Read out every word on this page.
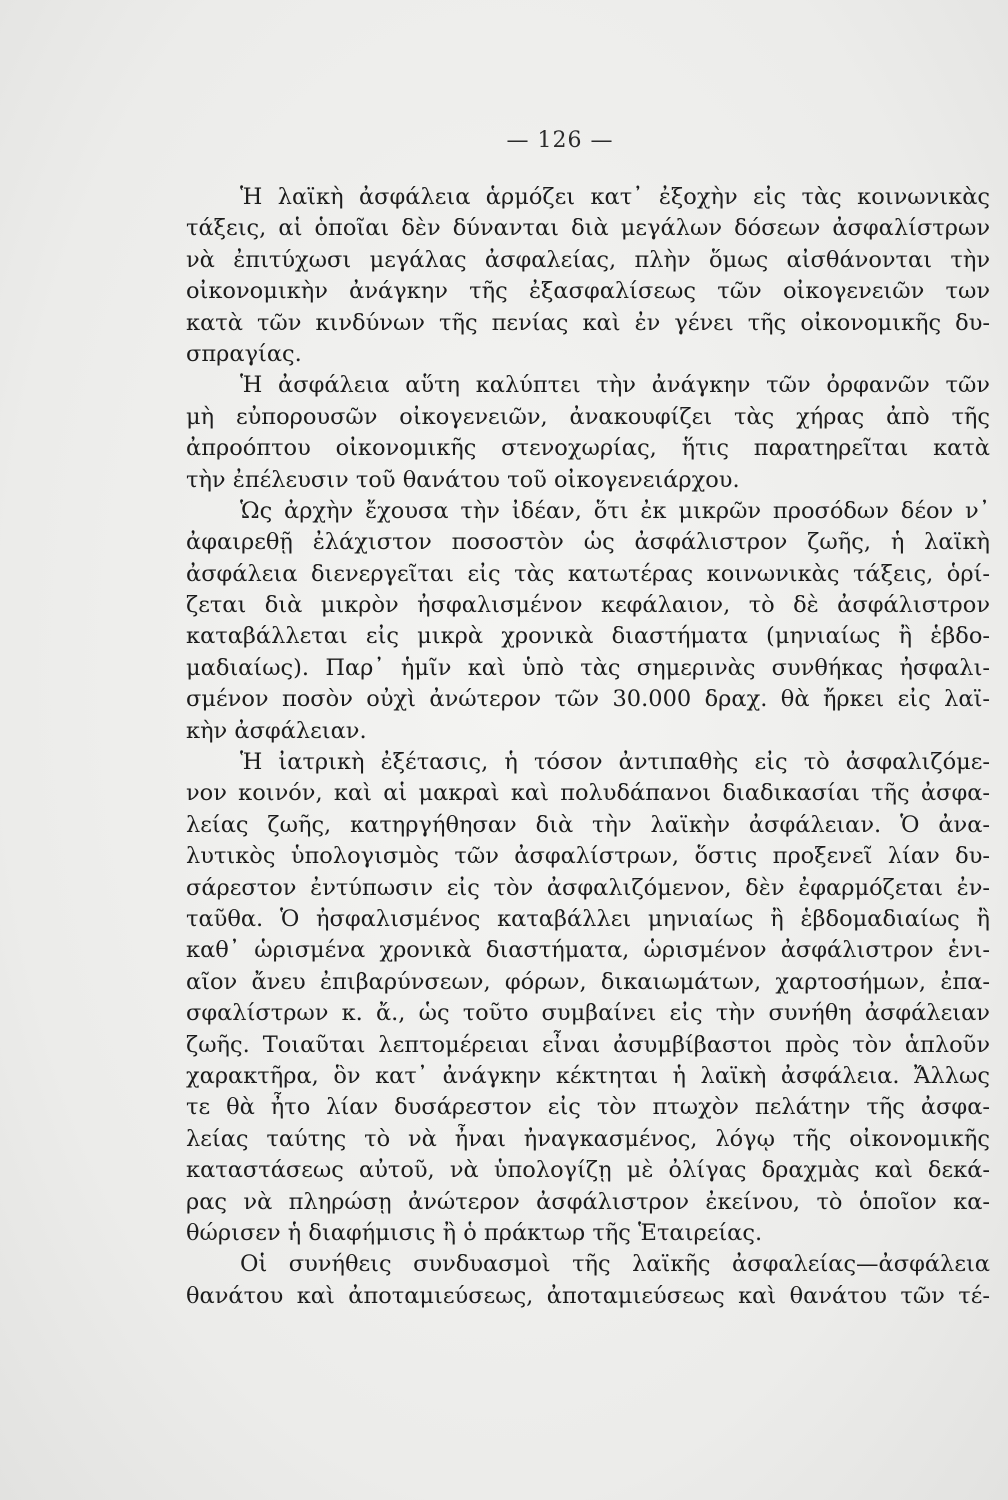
— 126 —
Ἡ λαϊκὴ ἀσφάλεια ἁρμόζει κατ᾽ ἐξοχὴν εἰς τὰς κοινωνικὰς
τάξεις, αἱ ὁποῖαι δὲν δύνανται διὰ μεγάλων δόσεων ἀσφαλίστρων
νὰ ἐπιτύχωσι μεγάλας ἀσφαλείας, πλὴν ὅμως αἰσθάνονται τὴν
οἰκονομικὴν ἀνάγκην τῆς ἐξασφαλίσεως τῶν οἰκογενειῶν των
κατὰ τῶν κινδύνων τῆς πενίας καὶ ἐν γένει τῆς οἰκονομικῆς δυ-
σπραγίας.
Ἡ ἀσφάλεια αὕτη καλύπτει τὴν ἀνάγκην τῶν ὀρφανῶν τῶν
μὴ εὐπορουσῶν οἰκογενειῶν, ἀνακουφίζει τὰς χήρας ἀπὸ τῆς
ἀπροόπτου οἰκονομικῆς στενοχωρίας, ἥτις παρατηρεῖται κατὰ
τὴν ἐπέλευσιν τοῦ θανάτου τοῦ οἰκογενειάρχου.
Ὡς ἀρχὴν ἔχουσα τὴν ἰδέαν, ὅτι ἐκ μικρῶν προσόδων δέον ν᾽
ἀφαιρεθῇ ἐλάχιστον ποσοστὸν ὡς ἀσφάλιστρον ζωῆς, ἡ λαϊκὴ
ἀσφάλεια διενεργεῖται εἰς τὰς κατωτέρας κοινωνικὰς τάξεις, ὁρί-
ζεται διὰ μικρὸν ἠσφαλισμένον κεφάλαιον, τὸ δὲ ἀσφάλιστρον
καταβάλλεται εἰς μικρὰ χρονικὰ διαστήματα (μηνιαίως ἢ ἑβδο-
μαδιαίως). Παρ᾽ ἡμῖν καὶ ὑπὸ τὰς σημερινὰς συνθήκας ἠσφαλι-
σμένον ποσὸν οὐχὶ ἀνώτερον τῶν 30.000 δραχ. θὰ ἤρκει εἰς λαϊ-
κὴν ἀσφάλειαν.
Ἡ ἰατρικὴ ἐξέτασις, ἡ τόσον ἀντιπαθὴς εἰς τὸ ἀσφαλιζόμε-
νον κοινόν, καὶ αἱ μακραὶ καὶ πολυδάπανοι διαδικασίαι τῆς ἀσφα-
λείας ζωῆς, κατηργήθησαν διὰ τὴν λαϊκὴν ἀσφάλειαν. Ὁ ἀνα-
λυτικὸς ὑπολογισμὸς τῶν ἀσφαλίστρων, ὅστις προξενεῖ λίαν δυ-
σάρεστον ἐντύπωσιν εἰς τὸν ἀσφαλιζόμενον, δὲν ἐφαρμόζεται ἐν-
ταῦθα. Ὁ ἠσφαλισμένος καταβάλλει μηνιαίως ἢ ἑβδομαδιαίως ἢ
καθ᾽ ὡρισμένα χρονικὰ διαστήματα, ὡρισμένον ἀσφάλιστρον ἑνι-
αῖον ἄνευ ἐπιβαρύνσεων, φόρων, δικαιωμάτων, χαρτοσήμων, ἐπα-
σφαλίστρων κ. ἄ., ὡς τοῦτο συμβαίνει εἰς τὴν συνήθη ἀσφάλειαν
ζωῆς. Τοιαῦται λεπτομέρειαι εἶναι ἀσυμβίβαστοι πρὸς τὸν ἁπλοῦν
χαρακτῆρα, ὃν κατ᾽ ἀνάγκην κέκτηται ἡ λαϊκὴ ἀσφάλεια. Ἄλλως
τε θὰ ἦτο λίαν δυσάρεστον εἰς τὸν πτωχὸν πελάτην τῆς ἀσφα-
λείας ταύτης τὸ νὰ ἦναι ἠναγκασμένος, λόγῳ τῆς οἰκονομικῆς
καταστάσεως αὐτοῦ, νὰ ὑπολογίζῃ μὲ ὀλίγας δραχμὰς καὶ δεκά-
ρας νὰ πληρώσῃ ἀνώτερον ἀσφάλιστρον ἐκείνου, τὸ ὁποῖον κα-
θώρισεν ἡ διαφήμισις ἢ ὁ πράκτωρ τῆς Ἑταιρείας.
Οἱ συνήθεις συνδυασμοὶ τῆς λαϊκῆς ἀσφαλείας—ἀσφάλεια
θανάτου καὶ ἀποταμιεύσεως, ἀποταμιεύσεως καὶ θανάτου τῶν τέ-
